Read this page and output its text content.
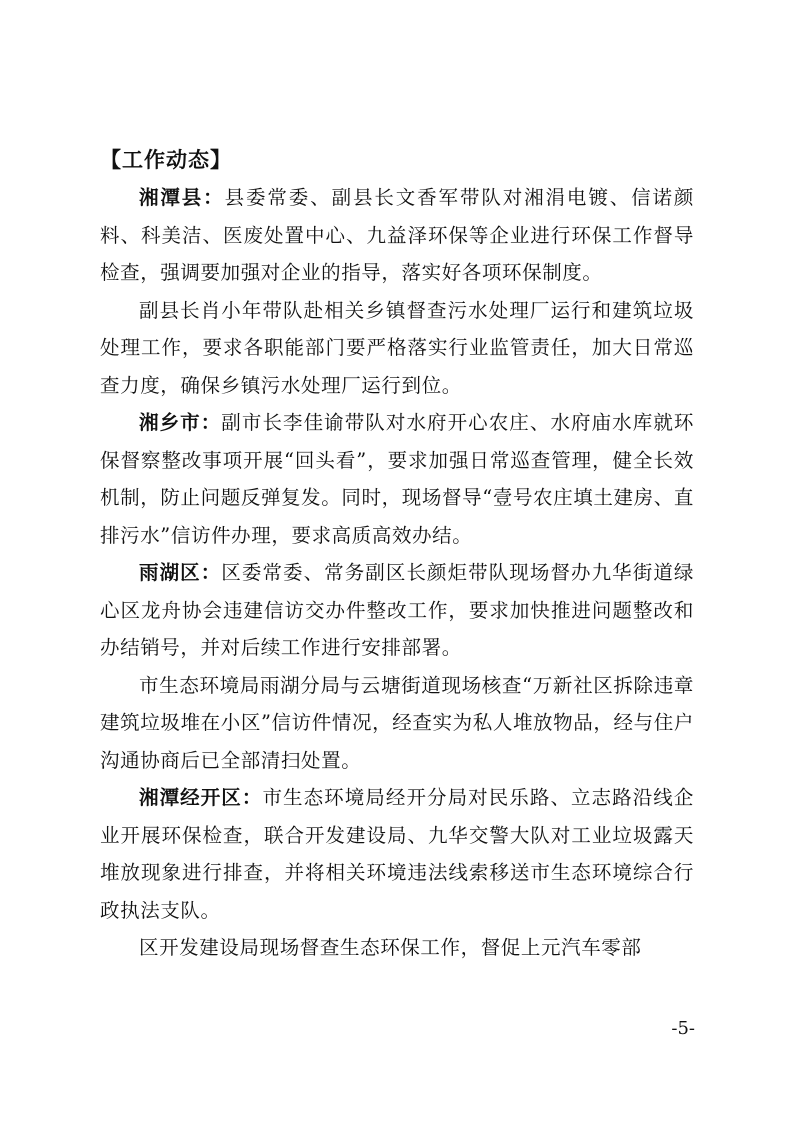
【工作动态】

湘潭县：县委常委、副县长文香军带队对湘涓电镀、信诺颜料、科美洁、医废处置中心、九益泽环保等企业进行环保工作督导检查，强调要加强对企业的指导，落实好各项环保制度。

副县长肖小年带队赴相关乡镇督查污水处理厂运行和建筑垃圾处理工作，要求各职能部门要严格落实行业监管责任，加大日常巡查力度，确保乡镇污水处理厂运行到位。

湘乡市：副市长李佳谕带队对水府开心农庄、水府庙水库就环保督察整改事项开展“回头看”，要求加强日常巡查管理，健全长效机制，防止问题反弹复发。同时，现场督导“壹号农庄填土建房、直排污水”信访件办理，要求高质高效办结。

雨湖区：区委常委、常务副区长颜炬带队现场督办九华街道绿心区龙舟协会违建信访交办件整改工作，要求加快推进问题整改和办结销号，并对后续工作进行安排部署。

市生态环境局雨湖分局与云塘街道现场核查“万新社区拆除违章建筑垃圾堆在小区”信访件情况，经查实为私人堆放物品，经与住户沟通协商后已全部清扫处置。

湘潭经开区：市生态环境局经开分局对民乐路、立志路沿线企业开展环保检查，联合开发建设局、九华交警大队对工业垃圾露天堆放现象进行排查，并将相关环境违法线索移送市生态环境综合行政执法支队。

区开发建设局现场督查生态环保工作，督促上元汽车零部

-5-
